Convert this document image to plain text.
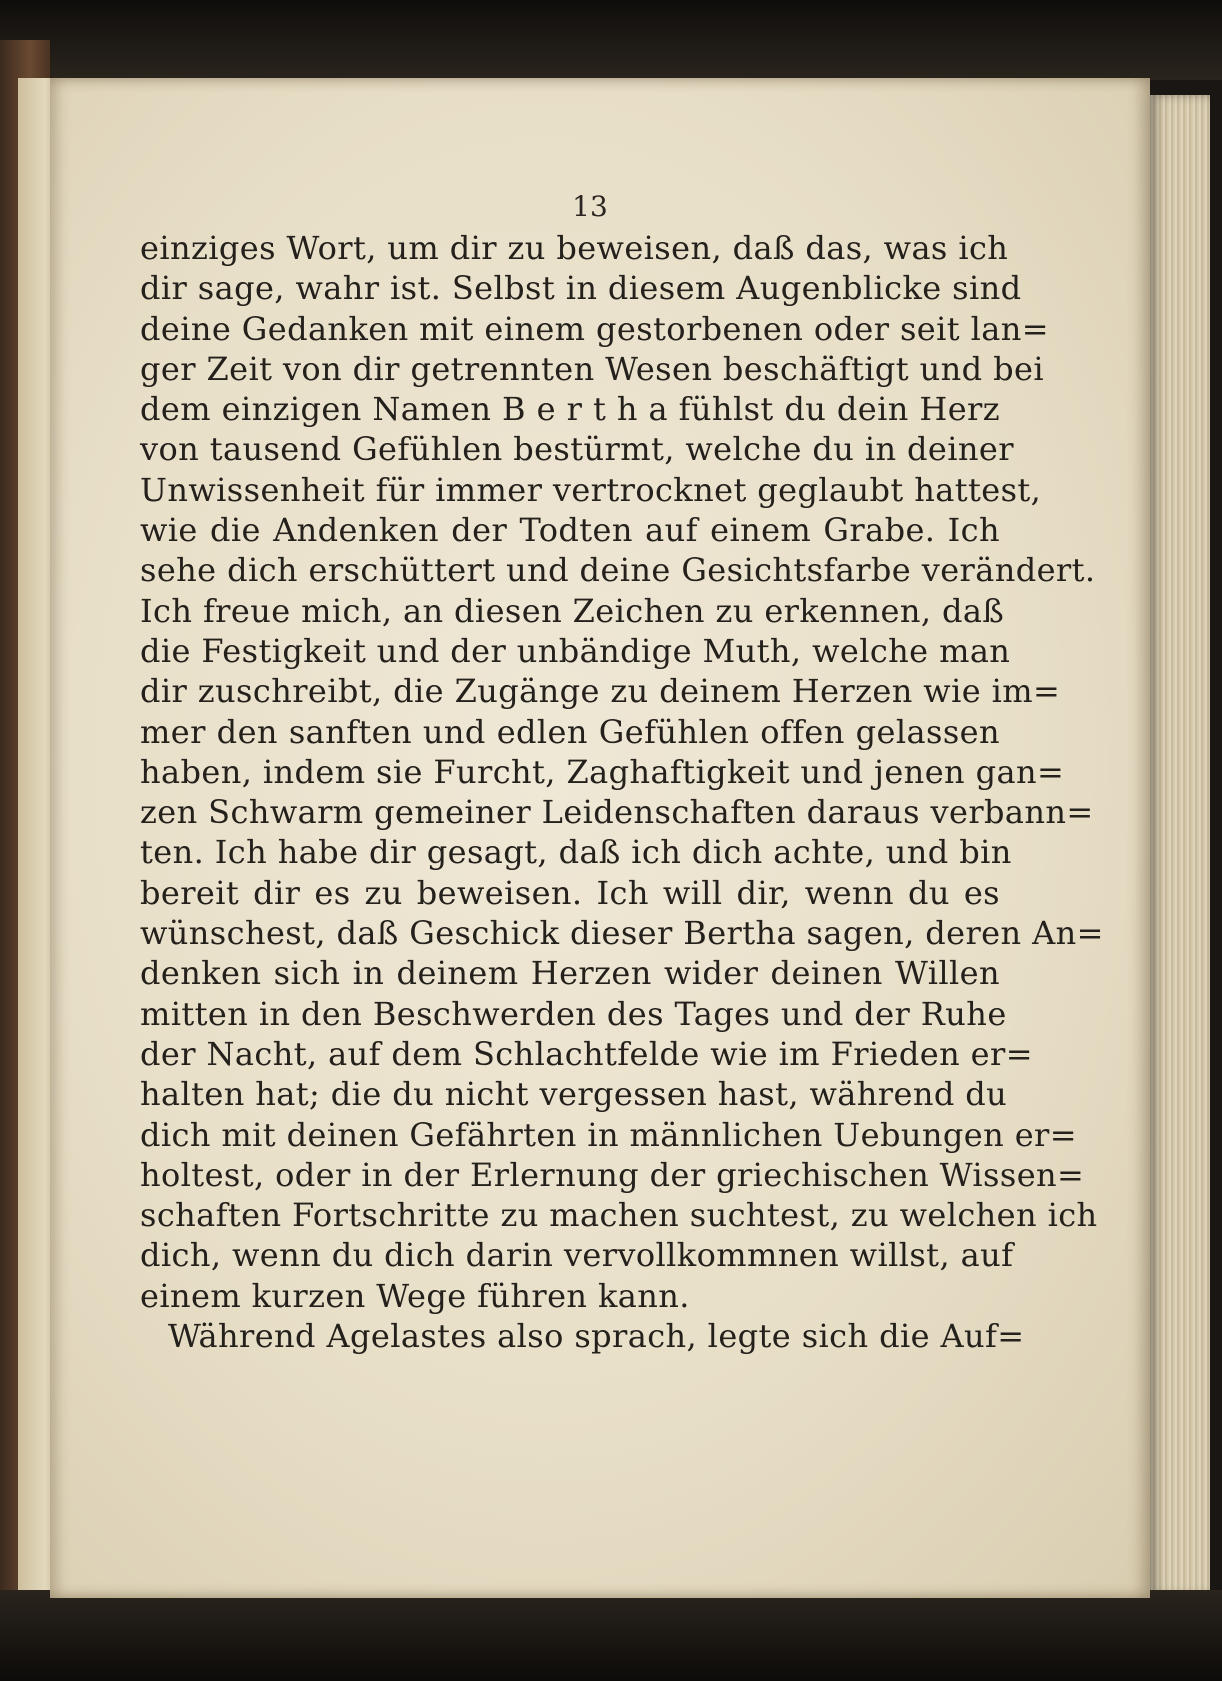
13
einziges Wort, um dir zu beweisen, daß das, was ich
dir sage, wahr ist. Selbst in diesem Augenblicke sind
deine Gedanken mit einem gestorbenen oder seit lan=
ger Zeit von dir getrennten Wesen beschäftigt und bei
dem einzigen Namen B e r t h a fühlst du dein Herz
von tausend Gefühlen bestürmt, welche du in deiner
Unwissenheit für immer vertrocknet geglaubt hattest,
wie die Andenken der Todten auf einem Grabe. Ich
sehe dich erschüttert und deine Gesichtsfarbe verändert.
Ich freue mich, an diesen Zeichen zu erkennen, daß
die Festigkeit und der unbändige Muth, welche man
dir zuschreibt, die Zugänge zu deinem Herzen wie im=
mer den sanften und edlen Gefühlen offen gelassen
haben, indem sie Furcht, Zaghaftigkeit und jenen gan=
zen Schwarm gemeiner Leidenschaften daraus verbann=
ten. Ich habe dir gesagt, daß ich dich achte, und bin
bereit dir es zu beweisen. Ich will dir, wenn du es
wünschest, daß Geschick dieser Bertha sagen, deren An=
denken sich in deinem Herzen wider deinen Willen
mitten in den Beschwerden des Tages und der Ruhe
der Nacht, auf dem Schlachtfelde wie im Frieden er=
halten hat; die du nicht vergessen hast, während du
dich mit deinen Gefährten in männlichen Uebungen er=
holtest, oder in der Erlernung der griechischen Wissen=
schaften Fortschritte zu machen suchtest, zu welchen ich
dich, wenn du dich darin vervollkommnen willst, auf
einem kurzen Wege führen kann.
Während Agelastes also sprach, legte sich die Auf=
